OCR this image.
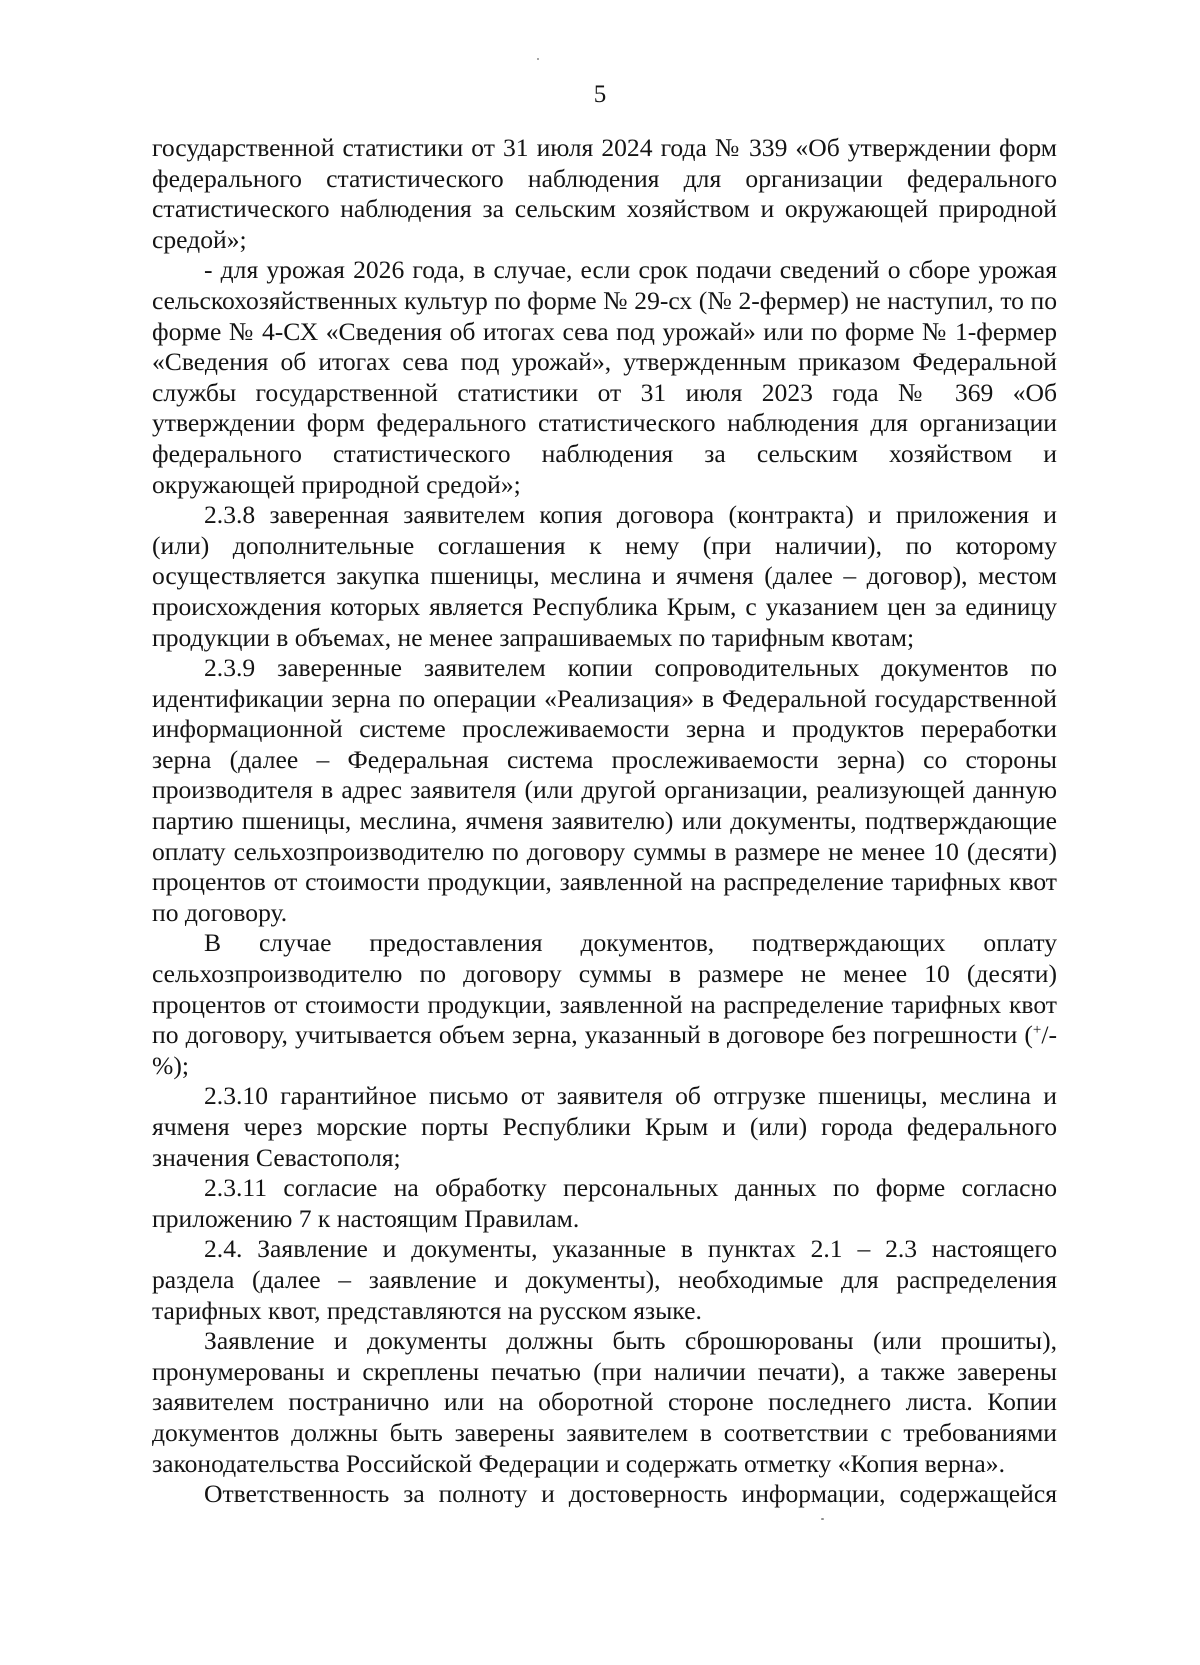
5

государственной статистики от 31 июля 2024 года № 339 «Об утверждении форм федерального статистического наблюдения для организации федерального статистического наблюдения за сельским хозяйством и окружающей природной средой»;

- для урожая 2026 года, в случае, если срок подачи сведений о сборе урожая сельскохозяйственных культур по форме № 29-сх (№ 2-фермер) не наступил, то по форме № 4-СХ «Сведения об итогах сева под урожай» или по форме № 1-фермер «Сведения об итогах сева под урожай», утвержденным приказом Федеральной службы государственной статистики от 31 июля 2023 года № 369 «Об утверждении форм федерального статистического наблюдения для организации федерального статистического наблюдения за сельским хозяйством и окружающей природной средой»;

2.3.8 заверенная заявителем копия договора (контракта) и приложения и (или) дополнительные соглашения к нему (при наличии), по которому осуществляется закупка пшеницы, меслина и ячменя (далее – договор), местом происхождения которых является Республика Крым, с указанием цен за единицу продукции в объемах, не менее запрашиваемых по тарифным квотам;

2.3.9 заверенные заявителем копии сопроводительных документов по идентификации зерна по операции «Реализация» в Федеральной государственной информационной системе прослеживаемости зерна и продуктов переработки зерна (далее – Федеральная система прослеживаемости зерна) со стороны производителя в адрес заявителя (или другой организации, реализующей данную партию пшеницы, меслина, ячменя заявителю) или документы, подтверждающие оплату сельхозпроизводителю по договору суммы в размере не менее 10 (десяти) процентов от стоимости продукции, заявленной на распределение тарифных квот по договору.

В случае предоставления документов, подтверждающих оплату сельхозпроизводителю по договору суммы в размере не менее 10 (десяти) процентов от стоимости продукции, заявленной на распределение тарифных квот по договору, учитывается объем зерна, указанный в договоре без погрешности (+/- %);

2.3.10 гарантийное письмо от заявителя об отгрузке пшеницы, меслина и ячменя через морские порты Республики Крым и (или) города федерального значения Севастополя;

2.3.11 согласие на обработку персональных данных по форме согласно приложению 7 к настоящим Правилам.

2.4. Заявление и документы, указанные в пунктах 2.1 – 2.3 настоящего раздела (далее – заявление и документы), необходимые для распределения тарифных квот, представляются на русском языке.

Заявление и документы должны быть сброшюрованы (или прошиты), пронумерованы и скреплены печатью (при наличии печати), а также заверены заявителем постранично или на оборотной стороне последнего листа. Копии документов должны быть заверены заявителем в соответствии с требованиями законодательства Российской Федерации и содержать отметку «Копия верна».

Ответственность за полноту и достоверность информации, содержащейся
